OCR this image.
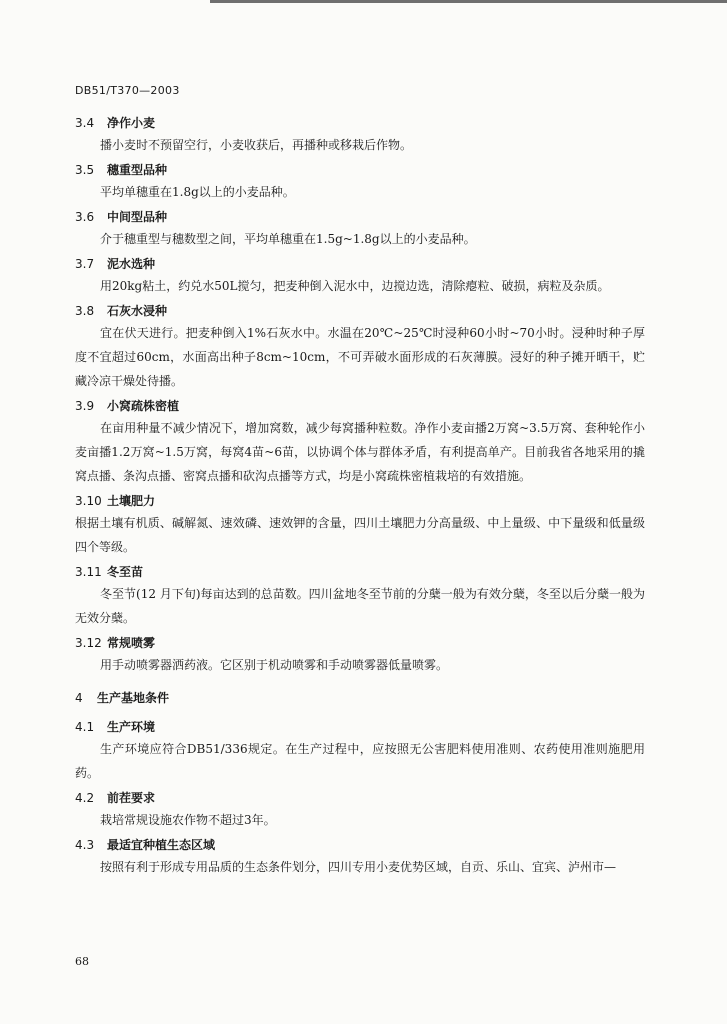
DB51/T370—2003
3.4 净作小麦
播小麦时不预留空行，小麦收获后，再播种或移栽后作物。
3.5 穗重型品种
平均单穗重在1.8g以上的小麦品种。
3.6 中间型品种
介于穗重型与穗数型之间，平均单穗重在1.5g~1.8g以上的小麦品种。
3.7 泥水选种
用20kg粘土，约兑水50L搅匀，把麦种倒入泥水中，边搅边选，清除瘪粒、破损，病粒及杂质。
3.8 石灰水浸种
宜在伏天进行。把麦种倒入1%石灰水中。水温在20℃~25℃时浸种60小时~70小时。浸种时种子厚度不宜超过60cm，水面高出种子8cm~10cm，不可弄破水面形成的石灰薄膜。浸好的种子摊开晒干，贮藏冷凉干燥处待播。
3.9 小窝疏株密植
在亩用种量不减少情况下，增加窝数，减少每窝播种粒数。净作小麦亩播2万窝~3.5万窝、套种轮作小麦亩播1.2万窝~1.5万窝，每窝4苗~6苗，以协调个体与群体矛盾，有利提高单产。目前我省各地采用的撬窝点播、条沟点播、密窝点播和砍沟点播等方式，均是小窝疏株密植栽培的有效措施。
3.10 土壤肥力
根据土壤有机质、碱解氮、速效磷、速效钾的含量，四川土壤肥力分高量级、中上量级、中下量级和低量级四个等级。
3.11 冬至苗
冬至节(12 月下旬)每亩达到的总苗数。四川盆地冬至节前的分蘖一般为有效分蘖，冬至以后分蘖一般为无效分蘖。
3.12 常规喷雾
用手动喷雾器洒药液。它区别于机动喷雾和手动喷雾器低量喷雾。
4 生产基地条件
4.1 生产环境
生产环境应符合DB51/336规定。在生产过程中，应按照无公害肥料使用准则、农药使用准则施肥用药。
4.2 前茬要求
栽培常规设施农作物不超过3年。
4.3 最适宜种植生态区域
按照有利于形成专用品质的生态条件划分，四川专用小麦优势区域，自贡、乐山、宜宾、泸州市—
68
